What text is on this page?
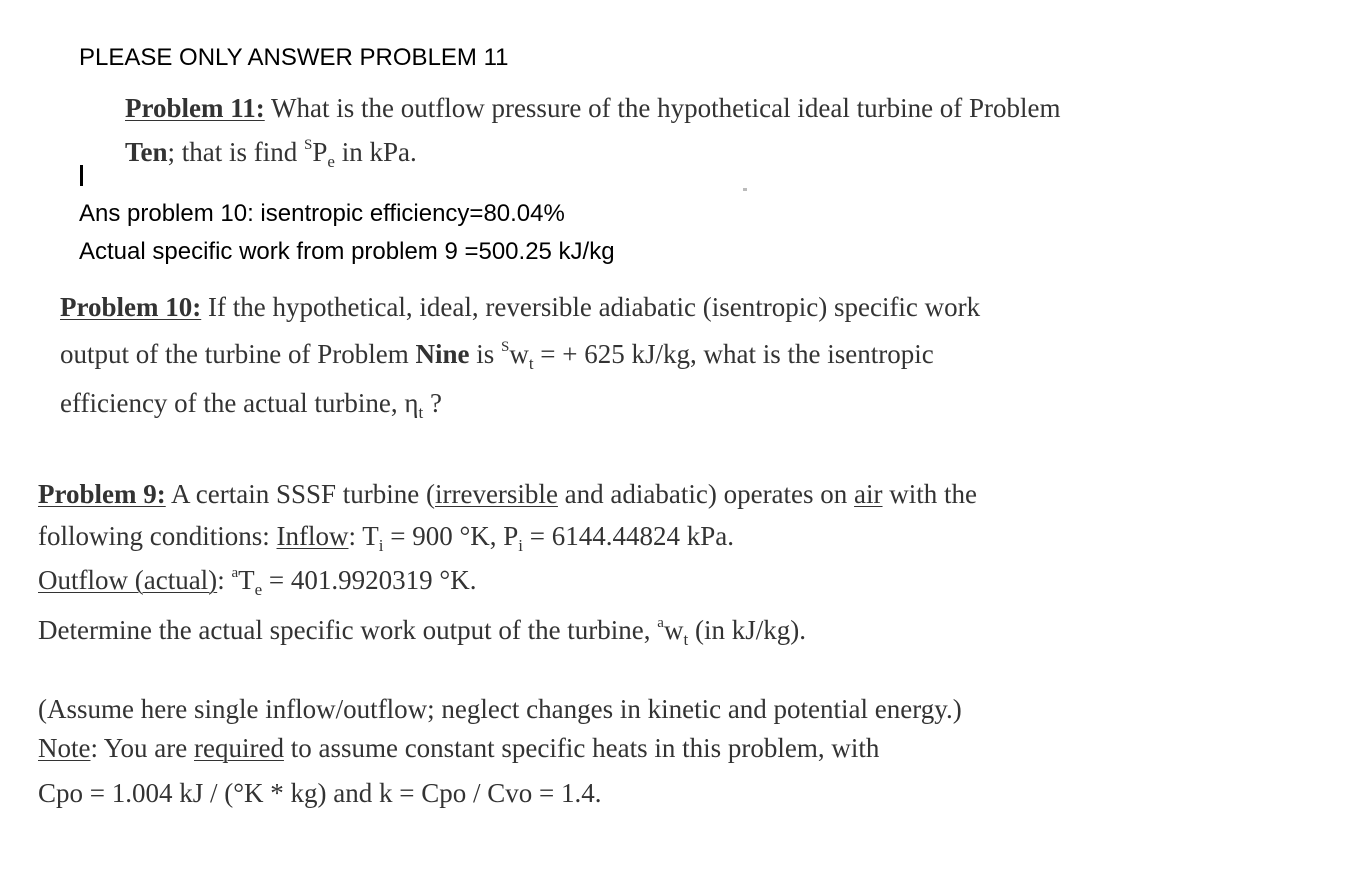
PLEASE ONLY ANSWER PROBLEM 11
Problem 11: What is the outflow pressure of the hypothetical ideal turbine of Problem
Ten; that is find $^SP_e$ in kPa.
Ans problem 10: isentropic efficiency=80.04%
Actual specific work from problem 9 =500.25 kJ/kg
Problem 10: If the hypothetical, ideal, reversible adiabatic (isentropic) specific work
output of the turbine of Problem Nine is $^Sw_t$ = + 625 kJ/kg, what is the isentropic
efficiency of the actual turbine, $\eta_t$ ?
Problem 9: A certain SSSF turbine (irreversible and adiabatic) operates on air with the
following conditions: Inflow: $T_i = 900$ °K, $P_i = 6144.44824$ kPa.
Outflow (actual): $^aT_e = 401.9920319$ °K.
Determine the actual specific work output of the turbine, $^aw_t$ (in kJ/kg).
(Assume here single inflow/outflow; neglect changes in kinetic and potential energy.)
Note: You are required to assume constant specific heats in this problem, with
Cpo = 1.004 kJ / (°K * kg) and k = Cpo / Cvo = 1.4.
